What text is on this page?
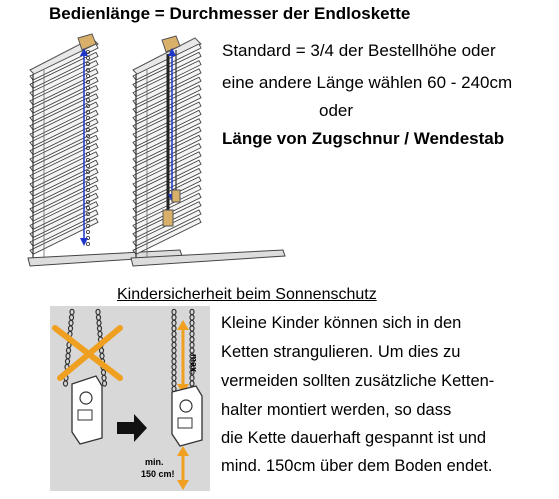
Bedienlänge = Durchmesser der Endloskette
Standard = 3/4 der Bestellhöhe oder
eine andere Länge wählen 60 - 240cm
oder
Länge von Zugschnur / Wendestab
Kindersicherheit beim Sonnenschutz
max.
min.
150 cm!
Kleine Kinder können sich in den
Ketten strangulieren. Um dies zu
vermeiden sollten zusätzliche Ketten-
halter montiert werden, so dass
die Kette dauerhaft gespannt ist und
mind. 150cm über dem Boden endet.
